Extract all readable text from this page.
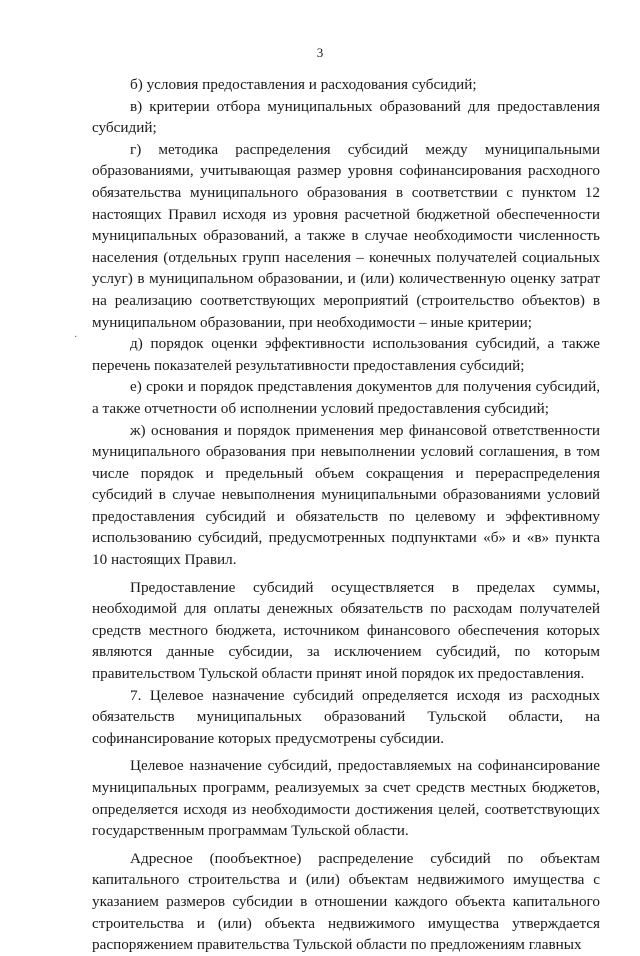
3
·

б) условия предоставления и расходования субсидий;

в) критерии отбора муниципальных образований для предоставления субсидий;

г) методика распределения субсидий между муниципальными образованиями, учитывающая размер уровня софинансирования расходного обязательства муниципального образования в соответствии с пунктом 12 настоящих Правил исходя из уровня расчетной бюджетной обеспеченности муниципальных образований, а также в случае необходимости численность населения (отдельных групп населения – конечных получателей социальных услуг) в муниципальном образовании, и (или) количественную оценку затрат на реализацию соответствующих мероприятий (строительство объектов) в муниципальном образовании, при необходимости – иные критерии;

д) порядок оценки эффективности использования субсидий, а также перечень показателей результативности предоставления субсидий;

е) сроки и порядок представления документов для получения субсидий, а также отчетности об исполнении условий предоставления субсидий;

ж) основания и порядок применения мер финансовой ответственности муниципального образования при невыполнении условий соглашения, в том числе порядок и предельный объем сокращения и перераспределения субсидий в случае невыполнения муниципальными образованиями условий предоставления субсидий и обязательств по целевому и эффективному использованию субсидий, предусмотренных подпунктами «б» и «в» пункта 10 настоящих Правил.

Предоставление субсидий осуществляется в пределах суммы, необходимой для оплаты денежных обязательств по расходам получателей средств местного бюджета, источником финансового обеспечения которых являются данные субсидии, за исключением субсидий, по которым правительством Тульской области принят иной порядок их предоставления.

7. Целевое назначение субсидий определяется исходя из расходных обязательств муниципальных образований Тульской области, на софинансирование которых предусмотрены субсидии.

Целевое назначение субсидий, предоставляемых на софинансирование муниципальных программ, реализуемых за счет средств местных бюджетов, определяется исходя из необходимости достижения целей, соответствующих государственным программам Тульской области.

Адресное (пообъектное) распределение субсидий по объектам капитального строительства и (или) объектам недвижимого имущества с указанием размеров субсидии в отношении каждого объекта капитального строительства и (или) объекта недвижимого имущества утверждается распоряжением правительства Тульской области по предложениям главных
